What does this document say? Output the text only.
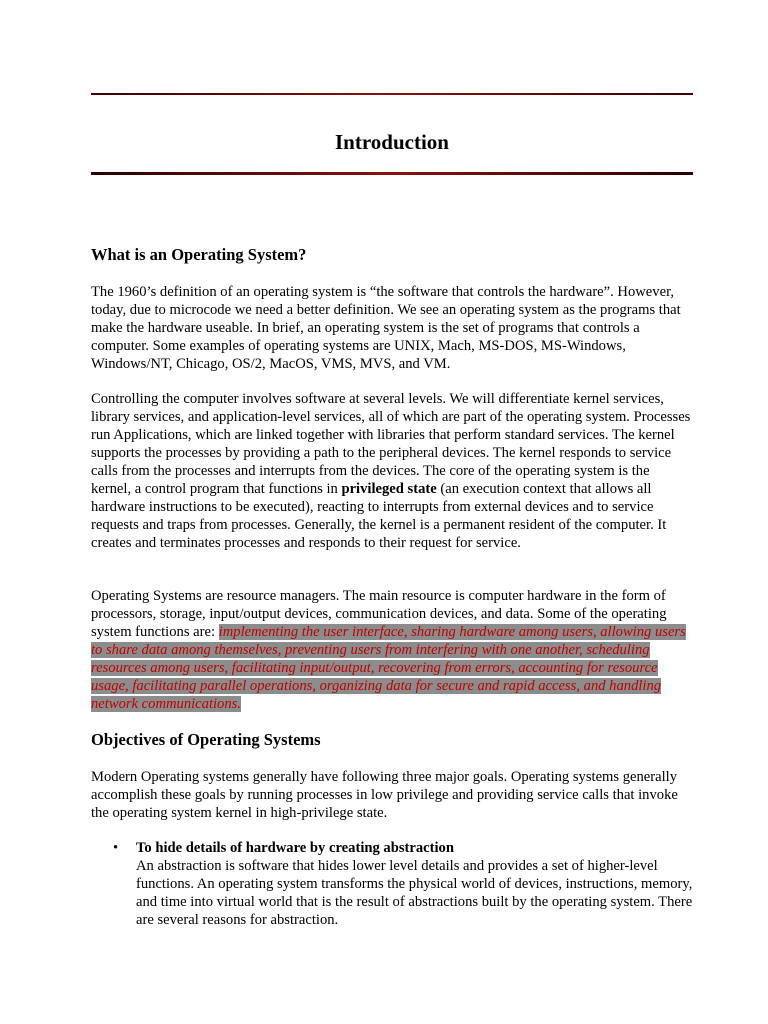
Introduction
What is an Operating System?

The 1960’s definition of an operating system is “the software that controls the hardware”. However, today, due to microcode we need a better definition. We see an operating system as the programs that make the hardware useable. In brief, an operating system is the set of programs that controls a computer. Some examples of operating systems are UNIX, Mach, MS-DOS, MS-Windows, Windows/NT, Chicago, OS/2, MacOS, VMS, MVS, and VM.

Controlling the computer involves software at several levels. We will differentiate kernel services, library services, and application-level services, all of which are part of the operating system. Processes run Applications, which are linked together with libraries that perform standard services. The kernel supports the processes by providing a path to the peripheral devices. The kernel responds to service calls from the processes and interrupts from the devices. The core of the operating system is the kernel, a control program that functions in privileged state (an execution context that allows all hardware instructions to be executed), reacting to interrupts from external devices and to service requests and traps from processes. Generally, the kernel is a permanent resident of the computer. It creates and terminates processes and responds to their request for service.

Operating Systems are resource managers. The main resource is computer hardware in the form of processors, storage, input/output devices, communication devices, and data. Some of the operating system functions are: implementing the user interface, sharing hardware among users, allowing users to share data among themselves, preventing users from interfering with one another, scheduling resources among users, facilitating input/output, recovering from errors, accounting for resource usage, facilitating parallel operations, organizing data for secure and rapid access, and handling network communications.

Objectives of Operating Systems

Modern Operating systems generally have following three major goals. Operating systems generally accomplish these goals by running processes in low privilege and providing service calls that invoke the operating system kernel in high-privilege state.

• To hide details of hardware by creating abstraction
An abstraction is software that hides lower level details and provides a set of higher-level functions. An operating system transforms the physical world of devices, instructions, memory, and time into virtual world that is the result of abstractions built by the operating system. There are several reasons for abstraction.
